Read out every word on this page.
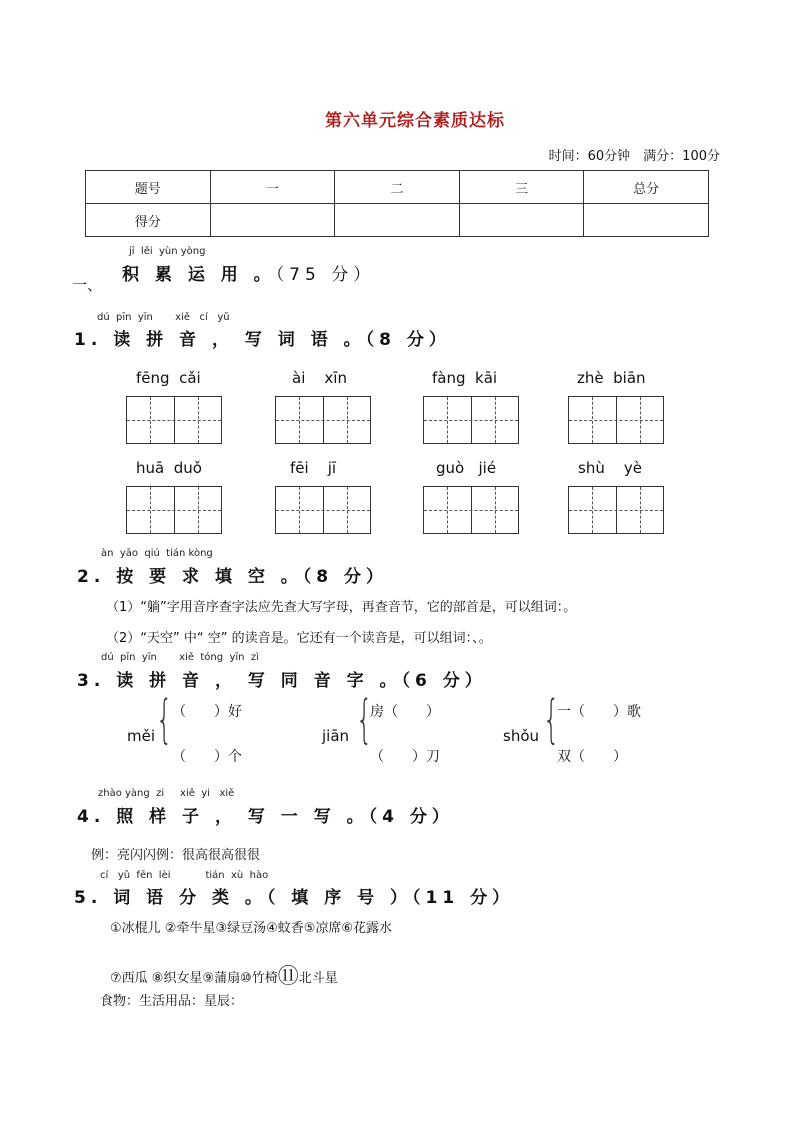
第六单元综合素质达标
时间：60分钟　满分：100分
题号	一	二	三	总分
得分				
jī  lěi  yùn yòng
一、 积 累 运 用 。（75 分）
dú  pīn  yīn       xiě   cí   yǔ
1. 读 拼 音 ， 写 词 语 。（8 分）
fēng  cǎi	ài    xīn	fàng  kāi	zhè  biān
huā  duǒ	fēi    jī	guò   jié	shù    yè
àn  yāo  qiú  tián kòng
2. 按 要 求 填 空 。（8 分）
（1）“躺”字用音序查字法应先查大写字母，再查音节，它的部首是，可以组词：。
（2）“天空” 中“ 空” 的读音是。它还有一个读音是，可以组词：、。
dú  pīn  yīn       xiě  tóng  yīn  zì
3. 读 拼 音 ， 写 同 音 字 。（6 分）
měi { （　　）好
（　　）个
jiān {
房（　　）
（　　）刀
shǒu {
一（　　）歌
双（　　）
zhào yàng  zi     xiě  yi   xiě
4. 照 样 子 ， 写 一 写 。（4 分）
例：亮闪闪例：很高很高很很
cí   yǔ  fēn  lèi           tián  xù  hào
5. 词 语 分 类 。（ 填 序 号 ）（11 分）
①冰棍儿 ②牵牛星③绿豆汤④蚊香⑤凉席⑥花露水
⑦西瓜 ⑧织女星⑨蒲扇⑩竹椅⑪北斗星
食物：生活用品：星辰：
